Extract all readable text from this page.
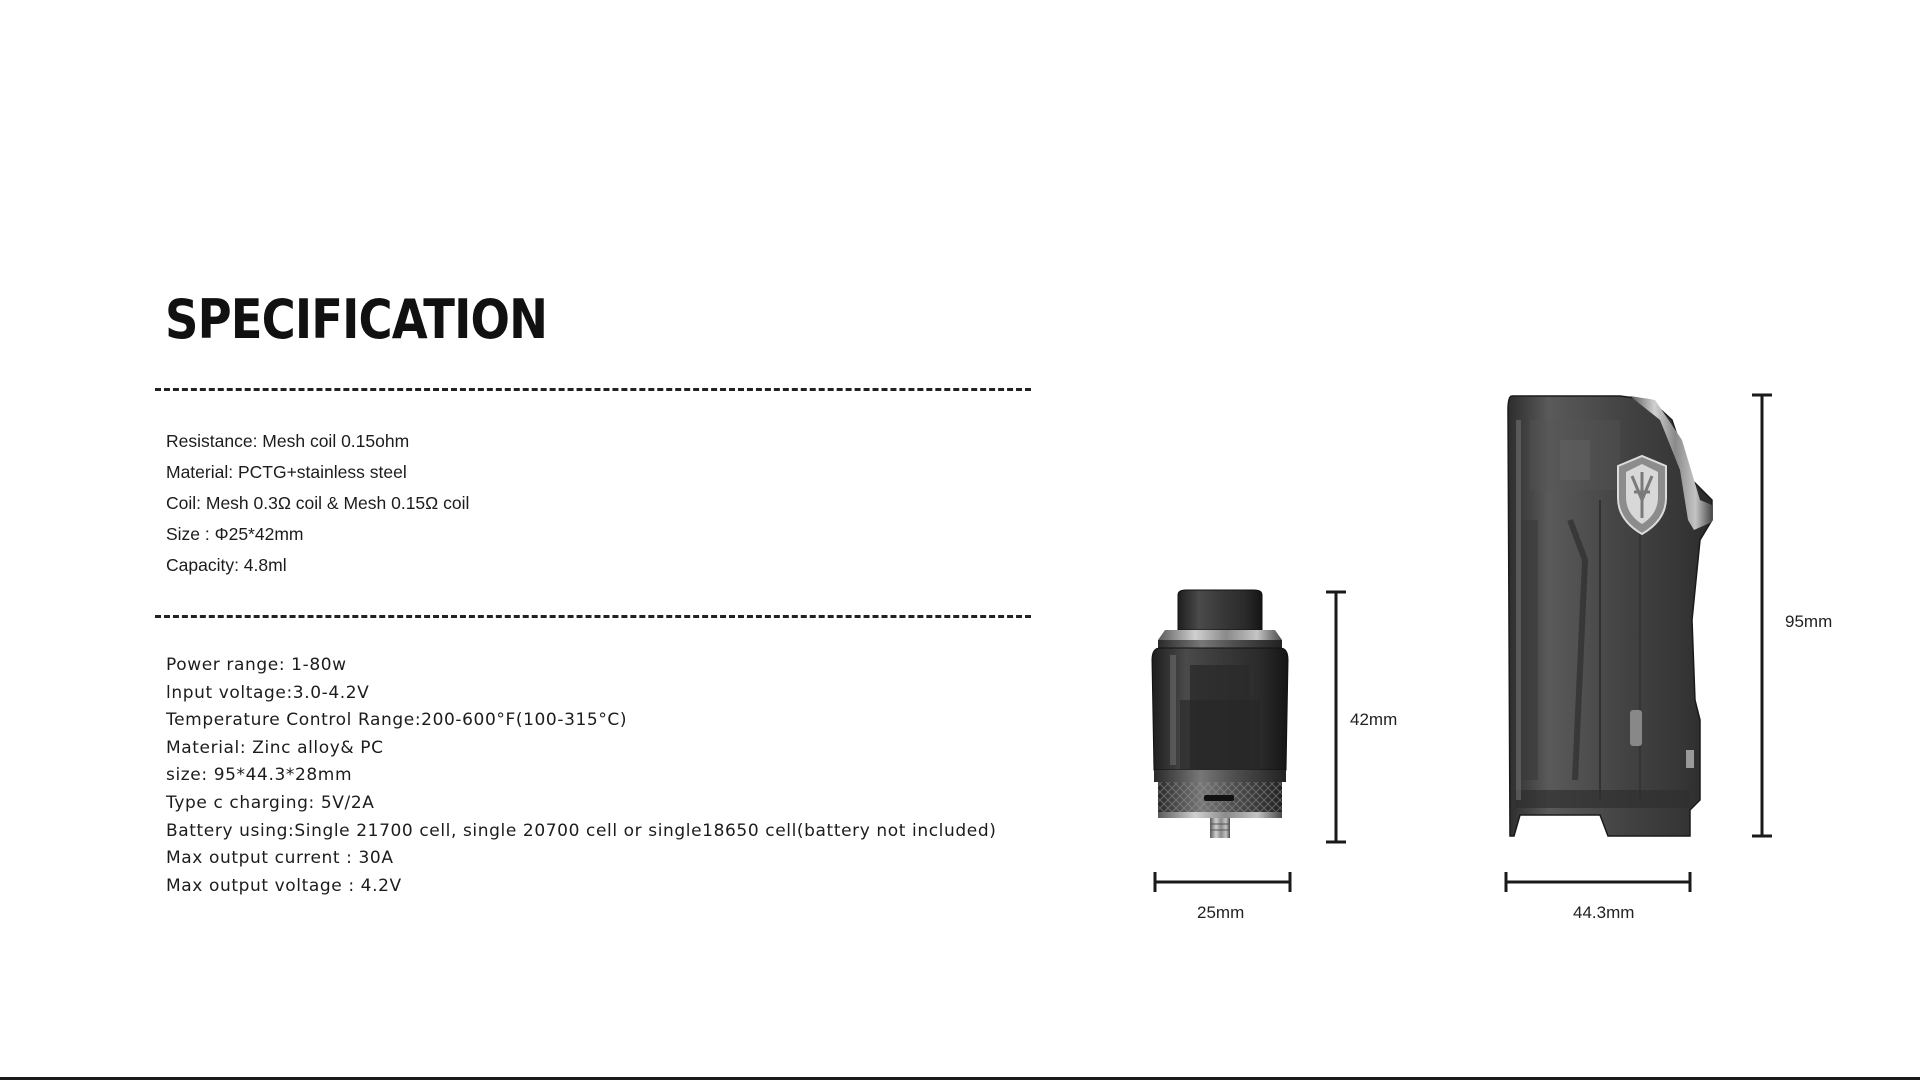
SPECIFICATION
Resistance: Mesh coil 0.15ohm
Material: PCTG+stainless steel
Coil: Mesh 0.3Ω coil & Mesh 0.15Ω coil
Size : Φ25*42mm
Capacity: 4.8ml
Power range: 1-80w
lnput voltage:3.0-4.2V
Temperature Control Range:200-600°F(100-315°C)
Material: Zinc alloy& PC
size: 95*44.3*28mm
Type c charging: 5V/2A
Battery using:Single 21700 cell, single 20700 cell or single18650 cell(battery not included)
Max output current : 30A
Max output voltage : 4.2V
42mm
95mm
25mm	44.3mm
